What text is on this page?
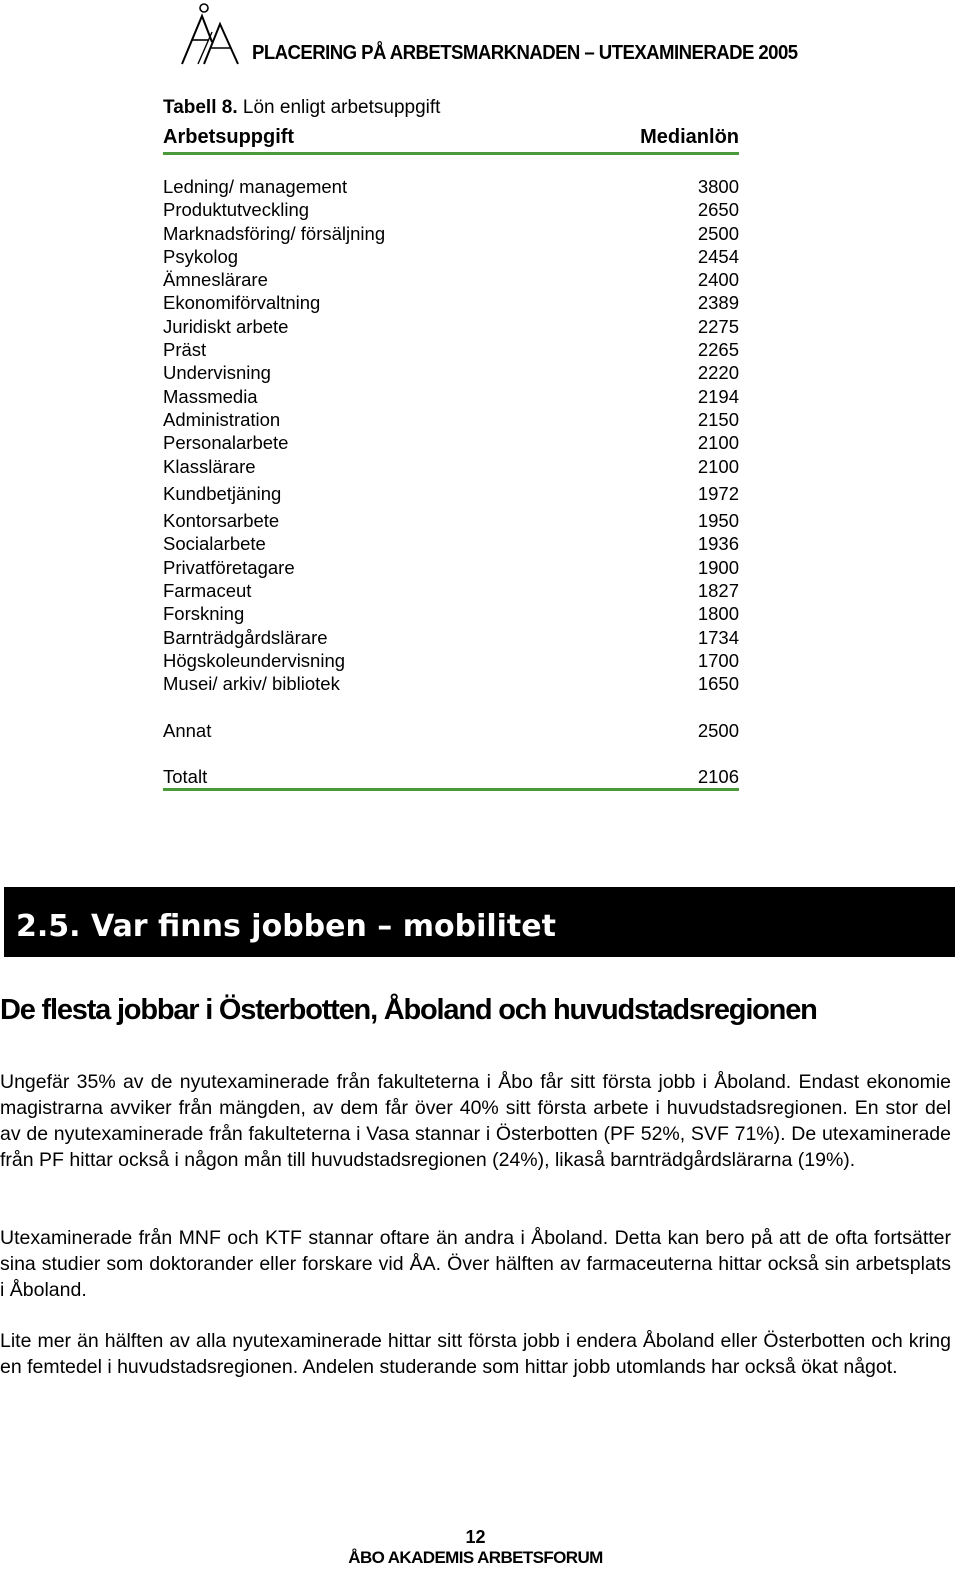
PLACERING PÅ ARBETSMARKNADEN – UTEXAMINERADE 2005
Tabell 8. Lön enligt arbetsuppgift
Arbetsuppgift	Medianlön
Ledning/ management	3800
Produktutveckling	2650
Marknadsföring/ försäljning	2500
Psykolog	2454
Ämneslärare	2400
Ekonomiförvaltning	2389
Juridiskt arbete	2275
Präst	2265
Undervisning	2220
Massmedia	2194
Administration	2150
Personalarbete	2100
Klasslärare	2100
Kundbetjäning	1972
Kontorsarbete	1950
Socialarbete	1936
Privatföretagare	1900
Farmaceut	1827
Forskning	1800
Barnträdgårdslärare	1734
Högskoleundervisning	1700
Musei/ arkiv/ bibliotek	1650
Annat	2500
Totalt	2106
2.5. Var finns jobben – mobilitet
De flesta jobbar i Österbotten, Åboland och huvudstadsregionen
Ungefär 35% av de nyutexaminerade från fakulteterna i Åbo får sitt första jobb i Åboland. Endast ekonomie magistrarna avviker från mängden, av dem får över 40% sitt första arbete i huvudstadsregionen. En stor del av de nyutexaminerade från fakulteterna i Vasa stannar i Österbotten (PF 52%, SVF 71%). De utexaminerade från PF hittar också i någon mån till huvudstadsregionen (24%), likaså barnträdgårdslärarna (19%).
Utexaminerade från MNF och KTF stannar oftare än andra i Åboland. Detta kan bero på att de ofta fortsätter sina studier som doktorander eller forskare vid ÅA. Över hälften av farmaceuterna hittar också sin arbetsplats i Åboland.
Lite mer än hälften av alla nyutexaminerade hittar sitt första jobb i endera Åboland eller Österbotten och kring en femtedel i huvudstadsregionen. Andelen studerande som hittar jobb utomlands har också ökat något.
12
ÅBO AKADEMIS ARBETSFORUM
